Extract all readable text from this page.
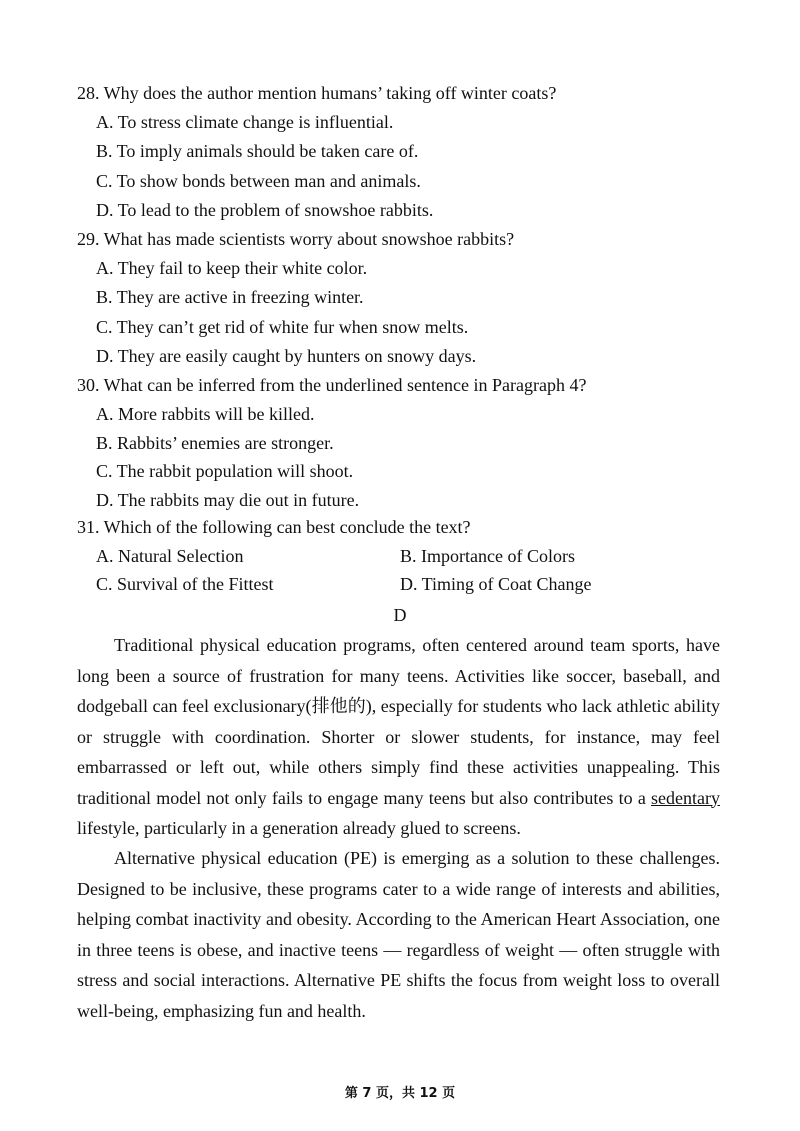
28. Why does the author mention humans’ taking off winter coats?
A. To stress climate change is influential.
B. To imply animals should be taken care of.
C. To show bonds between man and animals.
D. To lead to the problem of snowshoe rabbits.
29. What has made scientists worry about snowshoe rabbits?
A. They fail to keep their white color.
B. They are active in freezing winter.
C. They can’t get rid of white fur when snow melts.
D. They are easily caught by hunters on snowy days.
30. What can be inferred from the underlined sentence in Paragraph 4?
A. More rabbits will be killed.
B. Rabbits’ enemies are stronger.
C. The rabbit population will shoot.
D. The rabbits may die out in future.
31. Which of the following can best conclude the text?
A. Natural Selection	B. Importance of Colors
C. Survival of the Fittest	D. Timing of Coat Change
D
Traditional physical education programs, often centered around team sports, have long been a source of frustration for many teens. Activities like soccer, baseball, and dodgeball can feel exclusionary(排他的), especially for students who lack athletic ability or struggle with coordination. Shorter or slower students, for instance, may feel embarrassed or left out, while others simply find these activities unappealing. This traditional model not only fails to engage many teens but also contributes to a sedentary lifestyle, particularly in a generation already glued to screens.
Alternative physical education (PE) is emerging as a solution to these challenges. Designed to be inclusive, these programs cater to a wide range of interests and abilities, helping combat inactivity and obesity. According to the American Heart Association, one in three teens is obese, and inactive teens — regardless of weight — often struggle with stress and social interactions. Alternative PE shifts the focus from weight loss to overall well-being, emphasizing fun and health.
第 7 页，共 12 页
